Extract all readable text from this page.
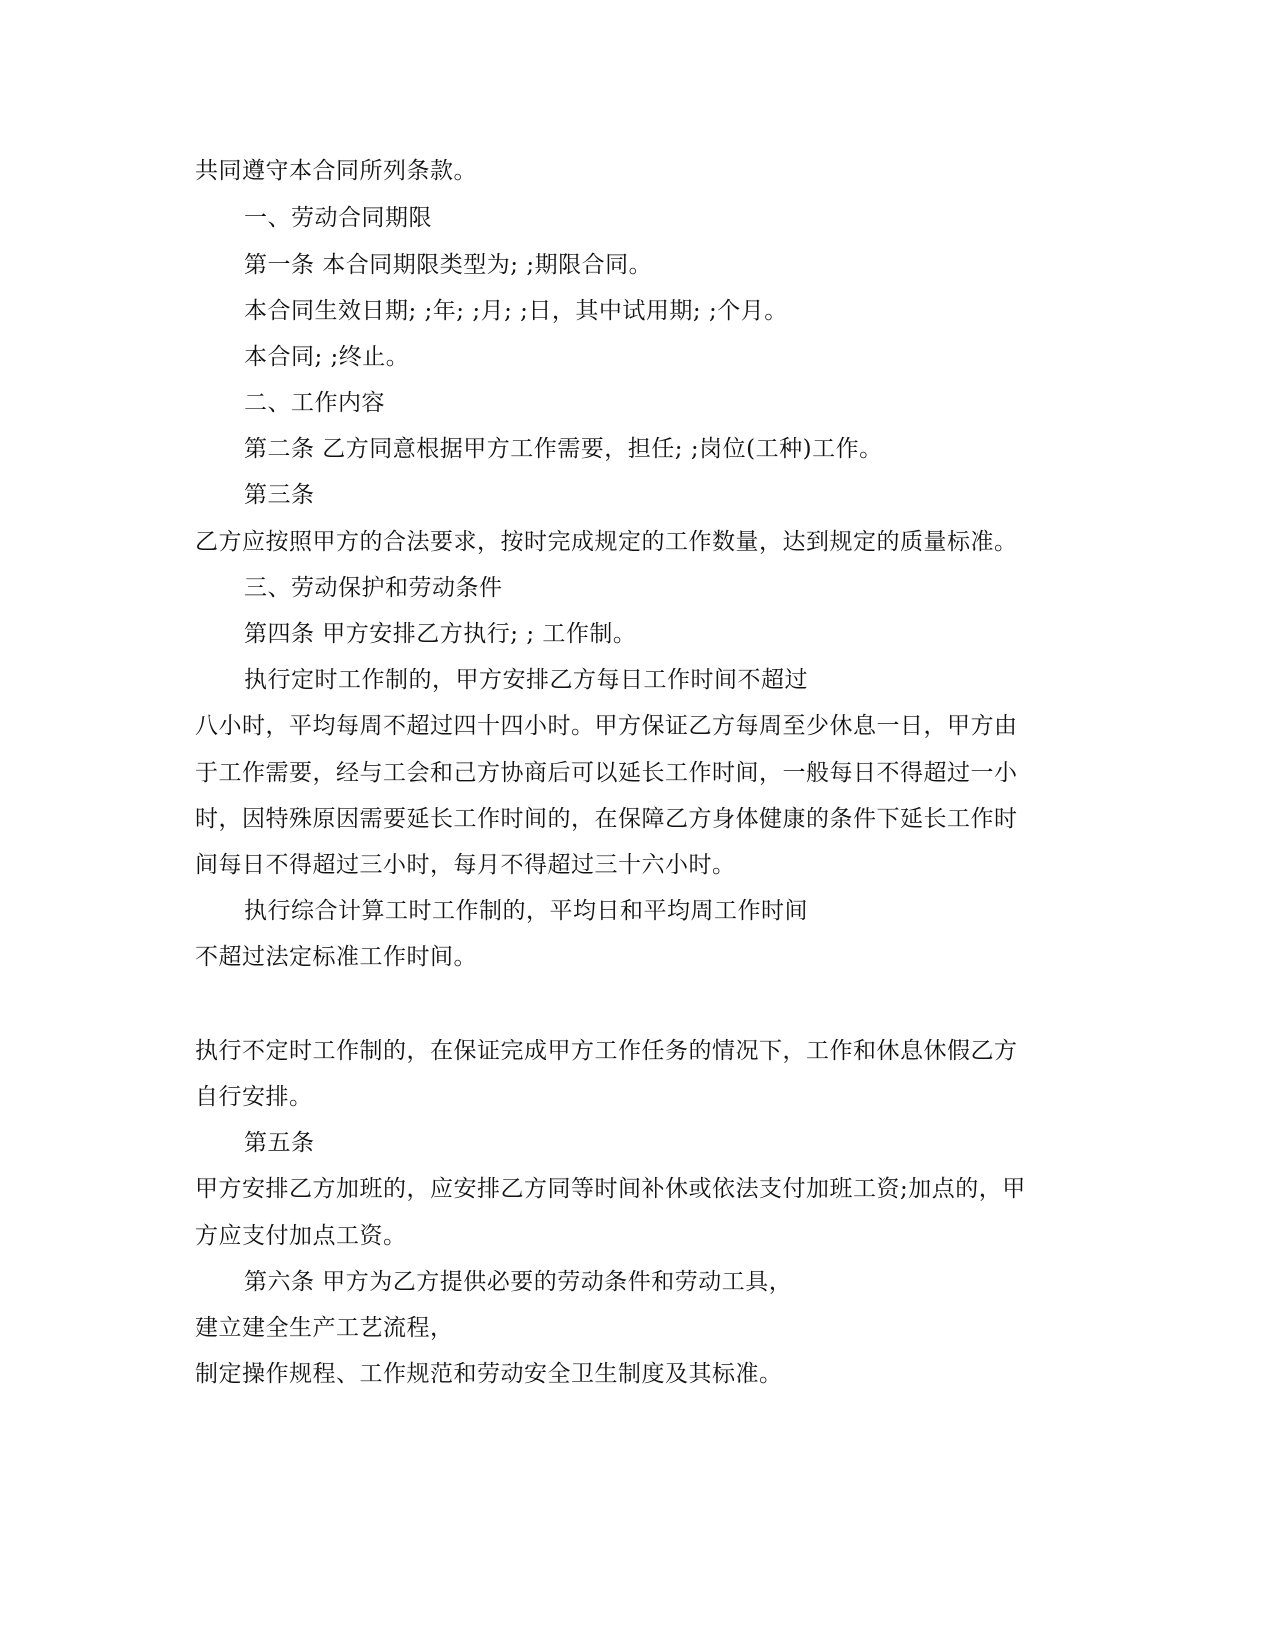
共同遵守本合同所列条款。
一、劳动合同期限
第一条 本合同期限类型为; ;期限合同。
本合同生效日期; ;年; ;月; ;日，其中试用期; ;个月。
本合同; ;终止。
二、工作内容
第二条 乙方同意根据甲方工作需要，担任; ;岗位(工种)工作。
第三条
乙方应按照甲方的合法要求，按时完成规定的工作数量，达到规定的质量标准。
三、劳动保护和劳动条件
第四条 甲方安排乙方执行; ; 工作制。
执行定时工作制的，甲方安排乙方每日工作时间不超过
八小时，平均每周不超过四十四小时。甲方保证乙方每周至少休息一日，甲方由
于工作需要，经与工会和己方协商后可以延长工作时间，一般每日不得超过一小
时，因特殊原因需要延长工作时间的，在保障乙方身体健康的条件下延长工作时
间每日不得超过三小时，每月不得超过三十六小时。
执行综合计算工时工作制的，平均日和平均周工作时间
不超过法定标准工作时间。
执行不定时工作制的，在保证完成甲方工作任务的情况下，工作和休息休假乙方
自行安排。
第五条
甲方安排乙方加班的，应安排乙方同等时间补休或依法支付加班工资;加点的，甲
方应支付加点工资。
第六条 甲方为乙方提供必要的劳动条件和劳动工具，
建立建全生产工艺流程，
制定操作规程、工作规范和劳动安全卫生制度及其标准。
